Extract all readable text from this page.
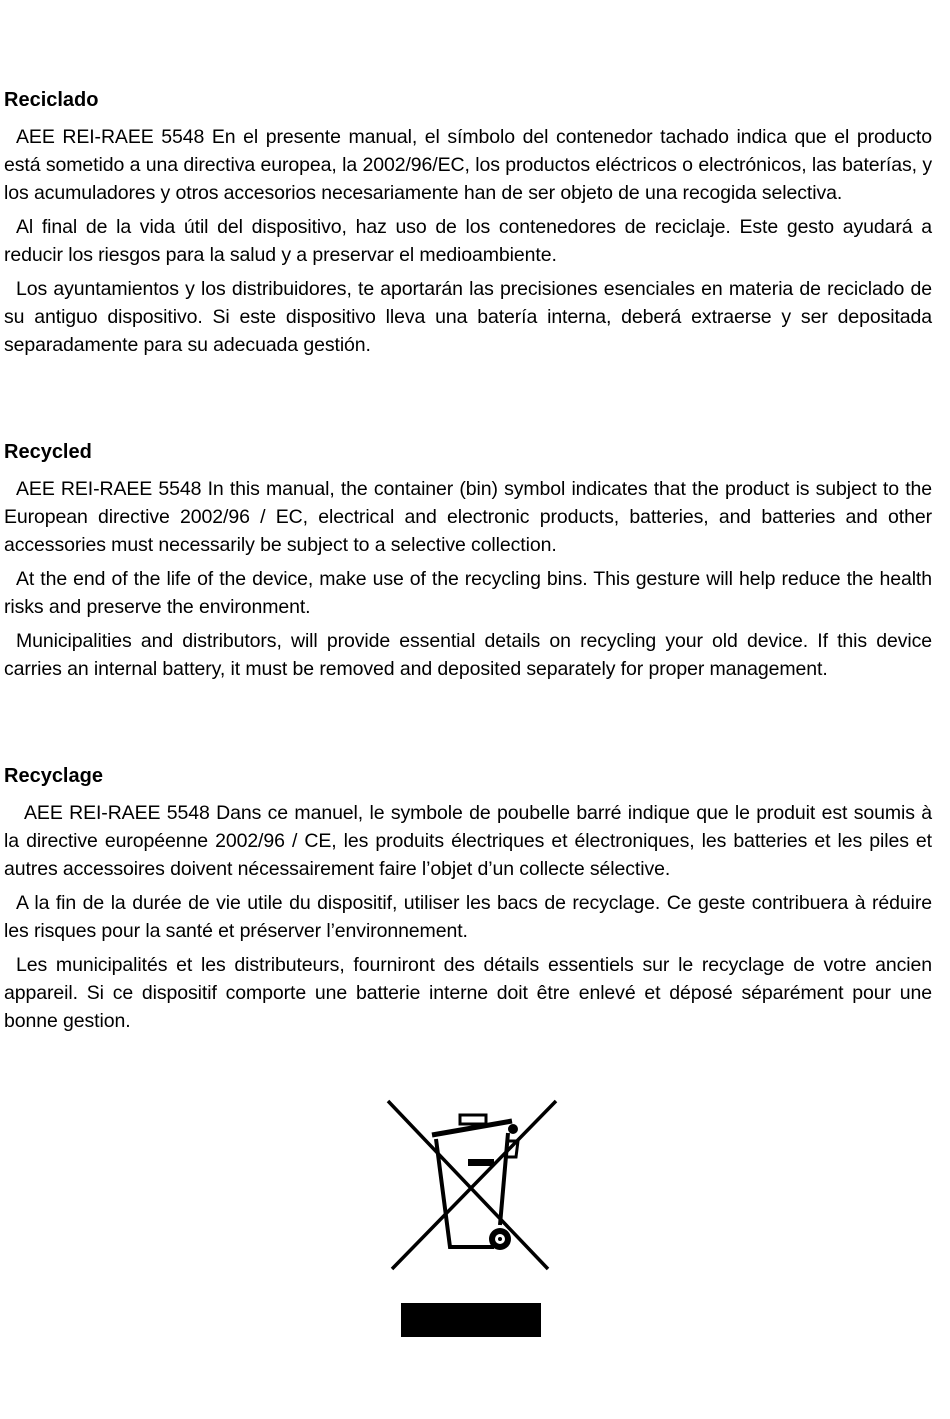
Reciclado

AEE REI-RAEE 5548 En el presente manual, el símbolo del contenedor tachado indica que el producto está sometido a una directiva europea, la 2002/96/EC, los productos eléctricos o electrónicos, las baterías, y los acumuladores y otros accesorios necesariamente han de ser objeto de una recogida selectiva.

Al final de la vida útil del dispositivo, haz uso de los contenedores de reciclaje. Este gesto ayudará a reducir los riesgos para la salud y a preservar el medioambiente.

Los ayuntamientos y los distribuidores, te aportarán las precisiones esenciales en materia de reciclado de su antiguo dispositivo. Si este dispositivo lleva una batería interna, deberá extraerse y ser depositada separadamente para su adecuada gestión.

Recycled

AEE REI-RAEE 5548 In this manual, the container (bin) symbol indicates that the product is subject to the European directive 2002/96 / EC, electrical and electronic products, batteries, and batteries and other accessories must necessarily be subject to a selective collection.

At the end of the life of the device, make use of the recycling bins. This gesture will help reduce the health risks and preserve the environment.

Municipalities and distributors, will provide essential details on recycling your old device. If this device carries an internal battery, it must be removed and deposited separately for proper management.

Recyclage

AEE REI-RAEE 5548 Dans ce manuel, le symbole de poubelle barré indique que le produit est soumis à la directive européenne 2002/96 / CE, les produits électriques et électroniques, les batteries et les piles et autres accessoires doivent nécessairement faire l’objet d’un collecte sélective.

A la fin de la durée de vie utile du dispositif, utiliser les bacs de recyclage. Ce geste contribuera à réduire les risques pour la santé et préserver l’environnement.

Les municipalités et les distributeurs, fourniront des détails essentiels sur le recyclage de votre ancien appareil. Si ce dispositif comporte une batterie interne doit être enlevé et déposé séparément pour une bonne gestion.
